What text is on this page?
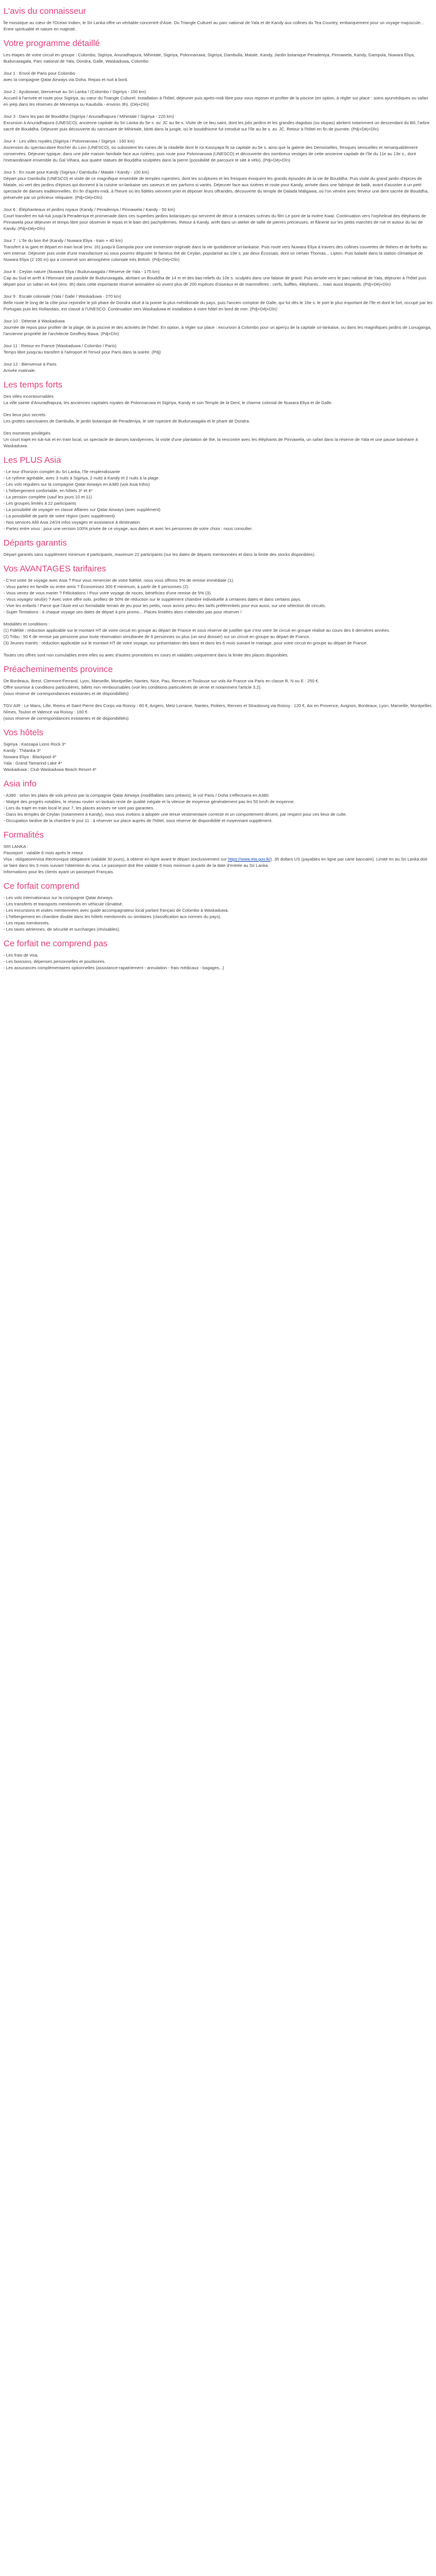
L'avis du connaisseur

Île mosaïque au cœur de l'Océan Indien, le Sri Lanka offre un véritable concentré d'Asie. Du Triangle Culturel au parc national de Yala et de Kandy aux collines du Tea Country, embarquement pour un voyage majuscule... Entre spiritualité et nature en majesté.

Votre programme détaillé

Les étapes de votre circuit en groupe : Colombo, Sigiriya, Anuradhapura, Mihintale, Sigiriya, Polonnaruwa, Sigiriya, Dambulla, Matale, Kandy, Jardin botanique Peradeniya, Pinnawela, Kandy, Gampola, Nuwara Eliya, Buduruwagala, Parc national de Yala, Dondra, Galle, Waskaduwa, Colombo

Jour 1 : Envol de Paris pour Colombo

avec la compagnie Qatar Airways via Doha. Repas et nuit à bord.

Jour 2 : Ayubowan, bienvenue au Sri Lanka ! (Colombo / Sigiriya - 150 km)

Accueil à l'arrivée et route pour Sigiriya, au cœur du Triangle Culturel. Installation à l'hôtel, déjeuner puis après-midi libre pour vous reposer et profiter de la piscine (en option, à régler sur place : soins ayurvédiques ou safari en jeep dans les réserves de Minneriya ou Kaudulla - environ 3h). (Déj+Dîn)

Jour 3 : Dans les pas de Bouddha (Sigiriya / Anuradhapura / Mihintale / Sigiriya - 220 km)

Excursion à Anuradhapura (UNESCO), ancienne capitale du Sri Lanka du 5e s. av. JC au 9e s. Visite de ce lieu saint, dont les jolis jardins et les grandes dagobas (ou stupas) abritent notamment un descendant du Bô, l'arbre sacré de Bouddha. Déjeuner puis découverte du sanctuaire de Mihintale, blotti dans la jungle, où le bouddhisme fut introduit sur l'île au 3e s. av. JC. Retour à l'hôtel en fin de journée. (Pdj+Déj+Dîn)

Jour 4 : Les villes royales (Sigiriya / Polonnaruwa / Sigiriya - 160 km)

Ascension du spectaculaire Rocher du Lion (UNESCO), où subsistent les ruines de la citadelle dont le roi Kassyapa fit sa capitale au 5e s. ainsi que la galerie des Demoiselles, fresques sensuelles et remarquablement conservées. Déjeuner typique, dans une jolie maison familiale face aux rizières, puis route pour Polonnaruwa (UNESCO) et découverte des nombreux vestiges de cette ancienne capitale de l'île du 11e au 13e s., dont l'extraordinaire ensemble du Gal Vihara, aux quatre statues de Bouddha sculptées dans la pierre (possibilité de parcourir le site à vélo). (Pdj+Déj+Dîn)

Jour 5 : En route pour Kandy (Sigiriya / Dambulla / Matale / Kandy - 100 km)

Départ pour Dambulla (UNESCO) et visite de ce magnifique ensemble de temples rupestres, dont les sculptures et les fresques évoquent les grands épisodes de la vie de Bouddha. Puis visite du grand jardin d'épices de Matale, où vert des jardins d'épices qui donnent à la cuisine sri-lankaise ses saveurs et ses parfums si variés. Déjeuner face aux rizières et route pour Kandy, arrivée dans une fabrique de batik, avant d'assister à un petit spectacle de danses traditionnelles. En fin d'après-midi, à l'heure où les fidèles viennent prier et déposer leurs offrandes, découverte du temple de Dalada Maligawa, où l'on vénère avec ferveur une dent sacrée de Bouddha, préservée par un précieux reliquaire. (Pdj+Déj+Dîn)

Jour 6 : Éléphanteaux et jardins royaux (Kandy / Peradeniya / Pinnawela / Kandy - 50 km)

Court transfert en tuk-tuk jusqu'à Peradeniya et promenade dans ces superbes jardins botaniques qui servirent de décor à certaines scènes du film Le pont de la rivière Kwaï. Continuation vers l'orphelinat des éléphants de Pinnawela pour déjeuner et temps libre pour observer le repas et le bain des pachydermes. Retour à Kandy, arrêt dans un atelier de taille de pierres précieuses, et flânerie sur les petits marchés de rue et autour du lac de Kandy. (Pdj+Déj+Dîn)

Jour 7 : L'île du bon thé (Kandy / Nuwara Eliya - train + 40 km)

Transfert à la gare et départ en train local (env. 1h) jusqu'à Gampola pour une immersion originale dans la vie quotidienne sri-lankaise. Puis route vers Nuwara Eliya à travers des collines couvertes de théiers et de forêts au vert intense. Déjeuner puis visite d'une manufacture où vous pourrez déguster le fameux thé de Ceylan, popularisé au 19e s. par deux Écossais, dont un certain Thomas... Lipton. Puis balade dans la station climatique de Nuwara Eliya (2 100 m) qui a conservé son atmosphère coloniale très British. (Pdj+Déj+Dîn)

Jour 8 : Ceylan nature (Nuwara Eliya / Buduruwagala / Réserve de Yala - 175 km)

Cap au Sud et arrêt à l'étonnant site paisible de Buduruwagala, abritant un Bouddha de 14 m et des bas-reliefs du 10e s. sculptés dans une falaise de granit. Puis arrivée vers le parc national de Yala, déjeuner à l'hôtel puis départ pour un safari en 4x4 (env. 3h) dans cette importante réserve animalière où vivent plus de 200 espèces d'oiseaux et de mammifères : cerfs, buffles, éléphants... mais aussi léopards. (Pdj+Déj+Dîn)

Jour 9 : Escale coloniale (Yala / Galle / Waskaduwa - 270 km)

Belle route le long de la côte pour rejoindre le joli phare de Dondra situé à la pointe la plus méridionale du pays, puis l'ancien comptoir de Galle, qui fut dès le 16e s. le port le plus important de l'île et dont le fort, occupé par les Portugais puis les Hollandais, est classé à l'UNESCO. Continuation vers Waskaduwa et installation à votre hôtel en bord de mer. (Pdj+Déj+Dîn)

Jour 10 : Détente à Waskaduwa

Journée de repos pour profiter de la plage, de la piscine et des activités de l'hôtel. En option, à régler sur place : excursion à Colombo pour un aperçu de la capitale sri-lankaise, ou dans les magnifiques jardins de Lunuganga, l'ancienne propriété de l'architecte Geoffrey Bawa. (Pdj+Dîn)

Jour 11 : Retour en France (Waskaduwa / Colombo / Paris)

Temps libre jusqu'au transfert à l'aéroport et l'envol pour Paris dans la soirée. (Pdj)

Jour 12 : Bienvenue à Paris

Arrivée matinale.

Les temps forts

Des villes incontournables

La ville sainte d'Anuradhapura, les anciennes capitales royales de Polonnaruwa et Sigiriya, Kandy et son Temple de la Dent, le charme colonial de Nuwara Eliya et de Galle.

Des lieux plus secrets

Les grottes-sanctuaires de Dambulla, le jardin botanique de Peradeniya, le site rupestre de Buduruwagala et le phare de Dondra.

Des moments privilégiés

Un court trajet en tuk-tuk et en train local, un spectacle de danses kandyennes, la visite d'une plantation de thé, la rencontre avec les éléphants de Pinnawela, un safari dans la réserve de Yala et une pause balnéaire à Waskaduwa.

Les PLUS Asia

- Le tour d'horizon complet du Sri Lanka, l'île resplendissante

- Le rythme agréable, avec 3 nuits à Sigiriya, 2 nuits à Kandy et 2 nuits à la plage

- Les vols réguliers sur la compagnie Qatar Airways en A380 (voir Asia Infos)

- L'hébergement confortable, en hôtels 3* et 4*

- La pension complète (sauf les jours 10 et 11)

- Les groupes limités à 22 participants

- La possibilité de voyager en classe Affaires sur Qatar Airways (avec supplément)

- La possibilité de partir de votre région (avec supplément)

- Nos services Allô Asia 24/24 infos voyages et assistance à destination

- Partez entre vous : pour une version 100% privée de ce voyage, aux dates et avec les personnes de votre choix : nous consulter.

Départs garantis

Départ garantis sans supplément minimum 4 participants, maximum 22 participants (sur les dates de départs mentionnées et dans la limite des stocks disponibles).

Vos AVANTAGES tarifaires

- C'est votre 3e voyage avec Asia ? Pour vous remercier de votre fidélité, nous vous offrons 5% de remise immédiate (1).

- Vous partez en famille ou entre amis ? Économisez 300 € minimum, à partir de 6 personnes (2).

- Vous venez de vous marier ? Félicitations ! Pour votre voyage de noces, bénéficiez d'une remise de 5% (3).

- Vous voyagez seul(e) ? Avec votre offre solo, profitez de 50% de réduction sur le supplément chambre individuelle à certaines dates et dans certains pays.

- Vive les enfants ! Parce que l'Asie est un formidable terrain de jeu pour les petits, nous avons prévu des tarifs préférentiels pour eux aussi, sur une sélection de circuits.

- Super Tentations : à chaque voyage ses dates de départ à prix promo... Places limitées alors n'attendez pas pour réserver !

Modalités et conditions :

(1) Fidélité : réduction applicable sur le montant HT de votre circuit en groupe au départ de France et sous réserve de justifier que c'est votre 3e circuit en groupe réalisé au cours des 6 dernières années.

(2) Tribu : 50 € de remise par personne pour toute réservation simultanée de 6 personnes ou plus (un seul dossier) sur un circuit en groupe au départ de France.

(3) Jeunes mariés : réduction applicable sur le montant HT de votre voyage, sur présentation des bans et dans les 6 mois suivant le mariage, pour votre circuit en groupe au départ de France.

Toutes ces offres sont non cumulables entre elles ou avec d'autres promotions en cours et valables uniquement dans la limite des places disponibles.

Préacheminements province

De Bordeaux, Brest, Clermont-Ferrand, Lyon, Marseille, Montpellier, Nantes, Nice, Pau, Rennes et Toulouse sur vols Air France via Paris en classe R, N ou E : 250 €.

Offre soumise à conditions particulières, billets non remboursables (voir les conditions particulières de vente et notamment l'article 3.2).

(sous réserve de correspondances existantes et de disponibilités)

TGV AIR : Le Mans, Lille, Reims et Saint Pierre des Corps via Roissy : 80 €, Angers, Metz Lorraine, Nantes, Poitiers, Rennes et Strasbourg via Roissy : 120 €, Aix en Provence, Avignon, Bordeaux, Lyon, Marseille, Montpellier, Nîmes, Toulon et Valence via Roissy : 160 €.

(sous réserve de correspondances existantes et de disponibilités)

Vos hôtels

Sigiriya : Kassapa Lions Rock 3*

Kandy : Thilanka 3*

Nuwara Eliya : Blackpool 4*

Yala : Grand Tamarind Lake 4*

Waskaduwa : Club Waskaduwa Beach Resort 4*

Asia info

- A380 : selon les plans de vols prévus par la compagnie Qatar Airways (modifiables sans préavis), le vol Paris / Doha s'effectuera en A380.

- Malgré des progrès notables, le réseau routier sri-lankais reste de qualité inégale et la vitesse de moyenne généralement pas les 50 km/h de moyenne.

- Lors du trajet en train local le jour 7, les places assises ne sont pas garanties.

- Dans les temples de Ceylan (notamment à Kandy), nous vous invitons à adopter une tenue vestimentaire correcte et un comportement décent, par respect pour ces lieux de culte.

- Occupation tardive de la chambre le jour 11 : à réserver sur place auprès de l'hôtel, sous réserve de disponibilité et moyennant supplément.

Formalités

SRI LANKA :

Passeport : valable 6 mois après le retour.

Visa : obligatoire/visa électronique obligatoire (valable 30 jours), à obtenir en ligne avant le départ (exclusivement sur https://www.eta.gov.lk/). 35 dollars US (payables en ligne par carte bancaire). Limité en au Sri Lanka doit se faire dans les 3 mois suivant l'obtention du visa. Le passeport doit être valable 6 mois minimum à partir de la date d'entrée au Sri Lanka.

Informations pour les clients ayant un passeport Français.

Ce forfait comprend

- Les vols internationaux sur la compagnie Qatar Airways.

- Les transferts et transports mentionnés en véhicule climatisé.

- Les excursions et visites mentionnées avec guide accompagnateur local parlant français de Colombo à Waskaduwa.

- L'hébergement en chambre double dans les hôtels mentionnés ou similaires (classification aux normes du pays).

- Les repas mentionnés.

- Les taxes aériennes, de sécurité et surcharges (révisables).

Ce forfait ne comprend pas

- Les frais de visa.

- Les boissons, dépenses personnelles et pourboires.

- Les assurances complémentaires optionnelles (assistance-rapatriement - annulation - frais médicaux - bagages...)
